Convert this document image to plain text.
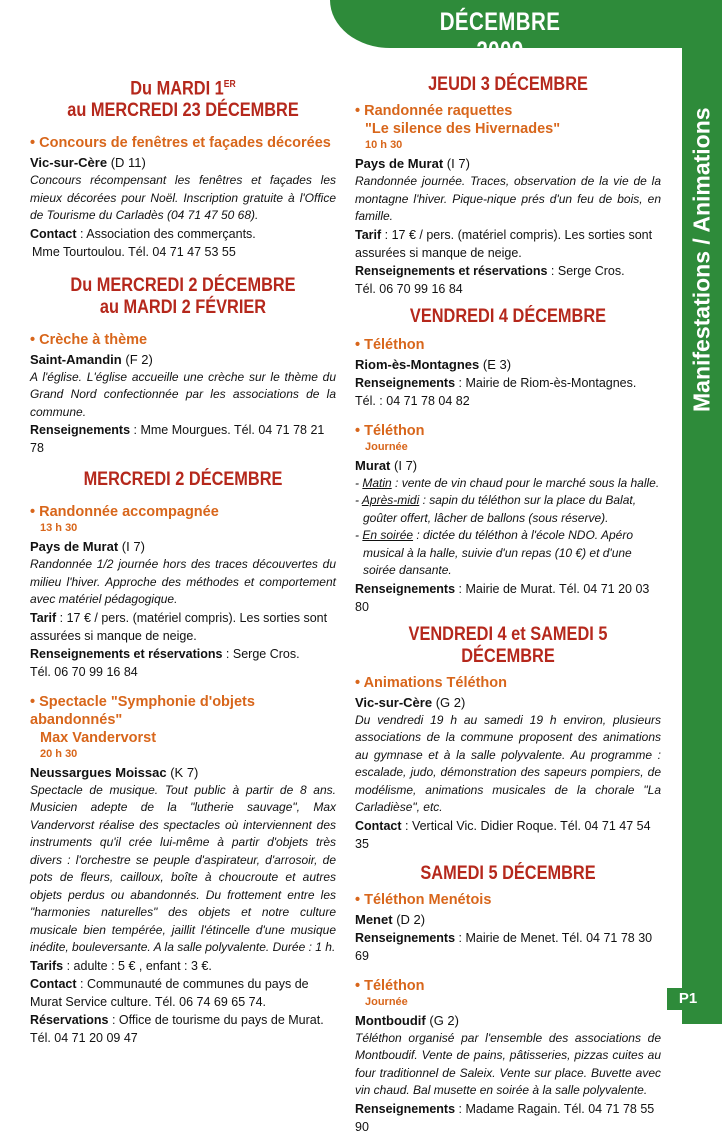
DÉCEMBRE 2009
Manifestations / Animations
P1
Du MARDI 1ER
au MERCREDI 23 DÉCEMBRE
• Concours de fenêtres et façades décorées
Vic-sur-Cère (D 11)
Concours récompensant les fenêtres et façades les mieux décorées pour Noël. Inscription gratuite à l'Office de Tourisme du Carladès (04 71 47 50 68).
Contact : Association des commerçants.
Mme Tourtoulou. Tél. 04 71 47 53 55
Du MERCREDI 2 DÉCEMBRE
au MARDI 2 FÉVRIER
• Crèche à thème
Saint-Amandin (F 2)
A l'église. L'église accueille une crèche sur le thème du Grand Nord confectionnée par les associations de la commune.
Renseignements : Mme Mourgues. Tél. 04 71 78 21 78
MERCREDI 2 DÉCEMBRE
• Randonnée accompagnée
13 h 30
Pays de Murat (I 7)
Randonnée 1/2 journée hors des traces découvertes du milieu l'hiver. Approche des méthodes et comportement avec matériel pédagogique.
Tarif : 17 € / pers. (matériel compris). Les sorties sont assurées si manque de neige.
Renseignements et réservations : Serge Cros.
Tél. 06 70 99 16 84
• Spectacle "Symphonie d'objets abandonnés"
Max Vandervorst
20 h 30
Neussargues Moissac (K 7)
Spectacle de musique. Tout public à partir de 8 ans. Musicien adepte de la "lutherie sauvage", Max Vandervorst réalise des spectacles où interviennent des instruments qu'il crée lui-même à partir d'objets très divers : l'orchestre se peuple d'aspirateur, d'arrosoir, de pots de fleurs, cailloux, boîte à choucroute et autres objets perdus ou abandonnés. Du frottement entre les "harmonies naturelles" des objets et notre culture musicale bien tempérée, jaillit l'étincelle d'une musique inédite, bouleversante. A la salle polyvalente. Durée : 1 h.
Tarifs : adulte : 5 € , enfant : 3 €.
Contact : Communauté de communes du pays de Murat Service culture. Tél. 06 74 69 65 74.
Réservations : Office de tourisme du pays de Murat. Tél. 04 71 20 09 47
JEUDI 3 DÉCEMBRE
• Randonnée raquettes
"Le silence des Hivernades"
10 h 30
Pays de Murat (I 7)
Randonnée journée. Traces, observation de la vie de la montagne l'hiver. Pique-nique prés d'un feu de bois, en famille.
Tarif : 17 € / pers. (matériel compris). Les sorties sont assurées si manque de neige.
Renseignements et réservations : Serge Cros.
Tél. 06 70 99 16 84
VENDREDI 4 DÉCEMBRE
• Téléthon
Riom-ès-Montagnes (E 3)
Renseignements : Mairie de Riom-ès-Montagnes.
Tél. : 04 71 78 04 82
• Téléthon
Journée
Murat (I 7)
- Matin : vente de vin chaud pour le marché sous la halle.
- Après-midi : sapin du téléthon sur la place du Balat, goûter offert, lâcher de ballons (sous réserve).
- En soirée : dictée du téléthon à l'école NDO. Apéro musical à la halle, suivie d'un repas (10 €) et d'une soirée dansante.
Renseignements : Mairie de Murat. Tél. 04 71 20 03 80
VENDREDI 4 et SAMEDI 5 DÉCEMBRE
• Animations Téléthon
Vic-sur-Cère (G 2)
Du vendredi 19 h au samedi 19 h environ, plusieurs associations de la commune proposent des animations au gymnase et à la salle polyvalente. Au programme : escalade, judo, démonstration des sapeurs pompiers, de modélisme, animations musicales de la chorale "La Carladièse", etc.
Contact : Vertical Vic. Didier Roque. Tél. 04 71 47 54 35
SAMEDI 5 DÉCEMBRE
• Téléthon Menétois
Menet (D 2)
Renseignements : Mairie de Menet. Tél. 04 71 78 30 69
• Téléthon
Journée
Montboudif (G 2)
Téléthon organisé par l'ensemble des associations de Montboudif. Vente de pains, pâtisseries, pizzas cuites au four traditionnel de Saleix. Vente sur place. Buvette avec vin chaud. Bal musette en soirée à la salle polyvalente.
Renseignements : Madame Ragain. Tél. 04 71 78 55 90
